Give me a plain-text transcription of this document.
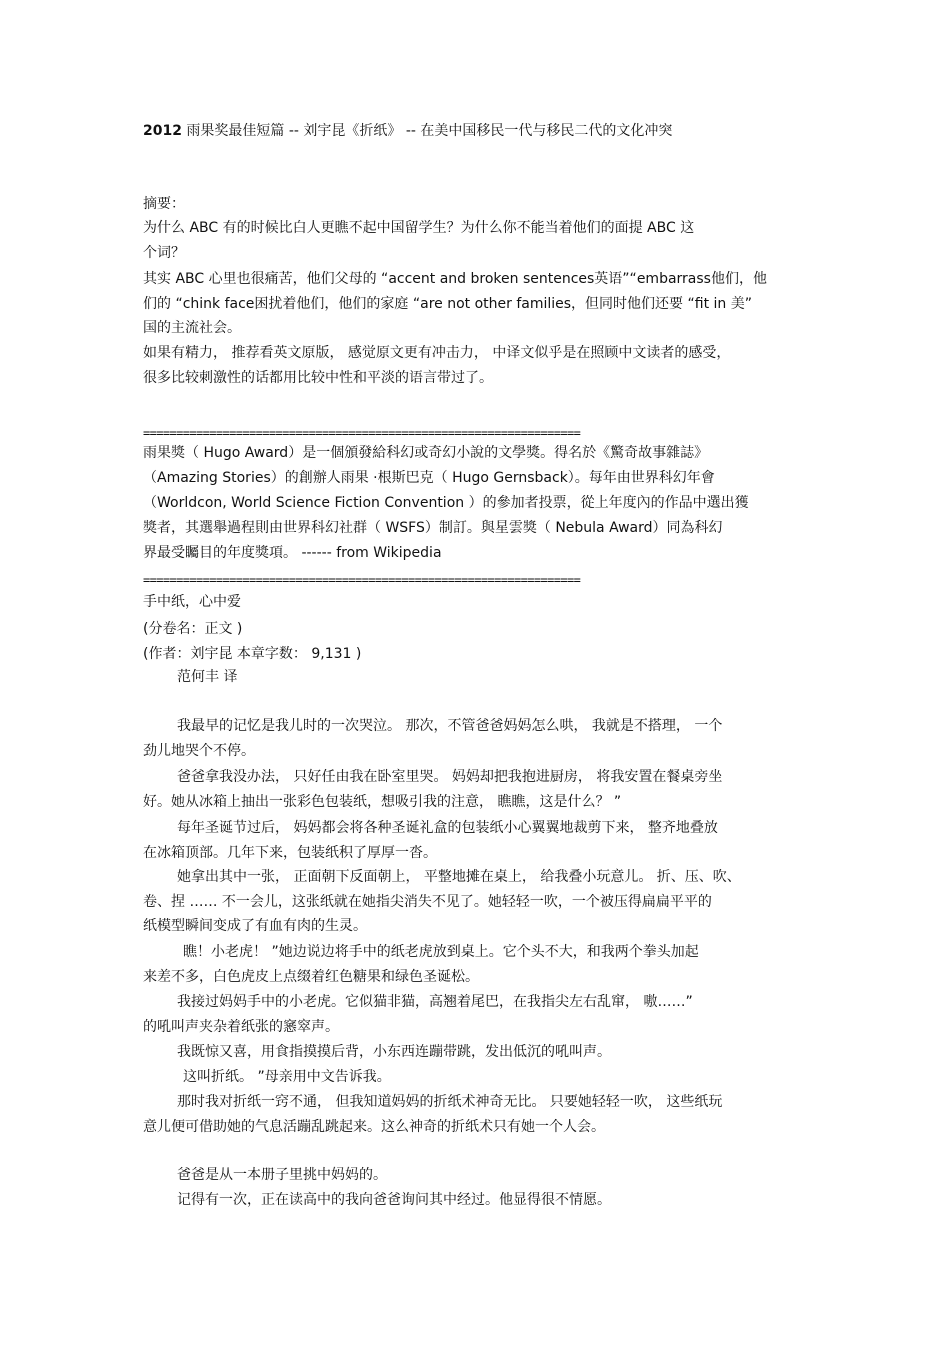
2012 雨果奖最佳短篇 -- 刘宇昆《折纸》 -- 在美中国移民一代与移民二代的文化冲突
摘要：
为什么 ABC 有的时候比白人更瞧不起中国留学生？为什么你不能当着他们的面提 ABC 这
个词？
其实 ABC 心里也很痛苦，他们父母的 “accent and broken sentences英语”“embarrass他们，他
们的 “chink face困扰着他们，他们的家庭 “are not other families，但同时他们还要 “fit in 美”
国的主流社会。
如果有精力， 推荐看英文原版， 感觉原文更有冲击力， 中译文似乎是在照顾中文读者的感受，
很多比较刺激性的话都用比较中性和平淡的语言带过了。
==================================================================
雨果獎（ Hugo Award）是一個頒發給科幻或奇幻小說的文學獎。得名於《驚奇故事雜誌》
（Amazing Stories）的創辦人雨果 ·根斯巴克（ Hugo Gernsback）。每年由世界科幻年會
（Worldcon, World Science Fiction Convention ）的參加者投票，從上年度內的作品中選出獲
獎者，其選舉過程則由世界科幻社群（ WSFS）制訂。與星雲獎（ Nebula Award）同為科幻
界最受矚目的年度獎項。 ------ from Wikipedia
==================================================================
手中纸，心中爱
(分卷名：正文 )
(作者：刘宇昆 本章字数： 9,131 )
范何丰 译
我最早的记忆是我儿时的一次哭泣。 那次，不管爸爸妈妈怎么哄， 我就是不搭理， 一个
劲儿地哭个不停。
爸爸拿我没办法， 只好任由我在卧室里哭。 妈妈却把我抱进厨房， 将我安置在餐桌旁坐
好。她从冰箱上抽出一张彩色包装纸，想吸引我的注意， 瞧瞧，这是什么？ ”
每年圣诞节过后， 妈妈都会将各种圣诞礼盒的包装纸小心翼翼地裁剪下来， 整齐地叠放
在冰箱顶部。几年下来，包装纸积了厚厚一沓。
她拿出其中一张， 正面朝下反面朝上， 平整地摊在桌上， 给我叠小玩意儿。 折、压、吹、
卷、捏 …… 不一会儿，这张纸就在她指尖消失不见了。她轻轻一吹，一个被压得扁扁平平的
纸模型瞬间变成了有血有肉的生灵。
瞧！小老虎！ ”她边说边将手中的纸老虎放到桌上。它个头不大，和我两个拳头加起
来差不多，白色虎皮上点缀着红色糖果和绿色圣诞松。
我接过妈妈手中的小老虎。它似猫非猫，高翘着尾巴，在我指尖左右乱窜， 嗷……”
的吼叫声夹杂着纸张的窸窣声。
我既惊又喜，用食指摸摸后背，小东西连蹦带跳，发出低沉的吼叫声。
这叫折纸。 ”母亲用中文告诉我。
那时我对折纸一窍不通， 但我知道妈妈的折纸术神奇无比。 只要她轻轻一吹， 这些纸玩
意儿便可借助她的气息活蹦乱跳起来。这么神奇的折纸术只有她一个人会。
爸爸是从一本册子里挑中妈妈的。
记得有一次，正在读高中的我向爸爸询问其中经过。他显得很不情愿。
